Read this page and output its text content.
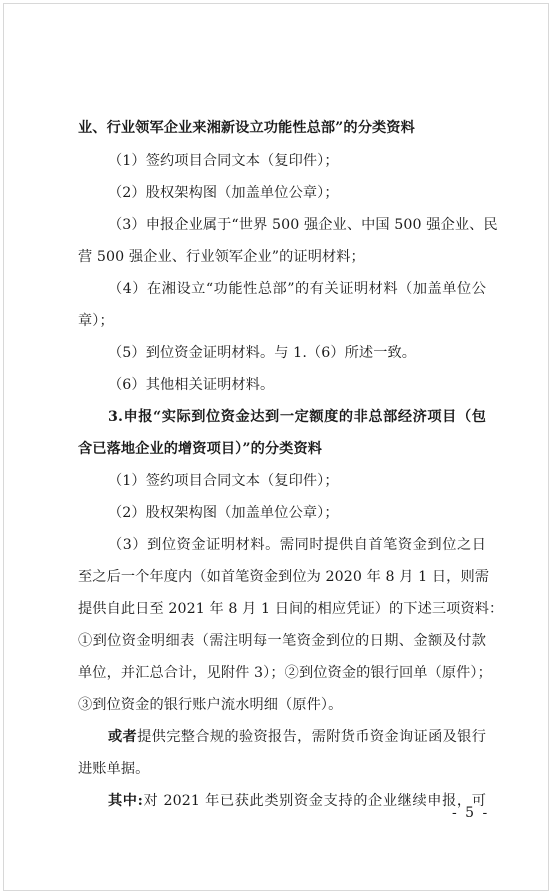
业、行业领军企业来湘新设立功能性总部”的分类资料
（1）签约项目合同文本（复印件）；
（2）股权架构图（加盖单位公章）；
（3）申报企业属于“世界 500 强企业、中国 500 强企业、民
营 500 强企业、行业领军企业”的证明材料；
（4）在湘设立“功能性总部”的有关证明材料（加盖单位公
章）；
（5）到位资金证明材料。与 1.（6）所述一致。
（6）其他相关证明材料。
3.申报“实际到位资金达到一定额度的非总部经济项目（包
含已落地企业的增资项目）”的分类资料
（1）签约项目合同文本（复印件）；
（2）股权架构图（加盖单位公章）；
（3）到位资金证明材料。需同时提供自首笔资金到位之日
至之后一个年度内（如首笔资金到位为 2020 年 8 月 1 日，则需
提供自此日至 2021 年 8 月 1 日间的相应凭证）的下述三项资料：
①到位资金明细表（需注明每一笔资金到位的日期、金额及付款
单位，并汇总合计，见附件 3）；②到位资金的银行回单（原件）；
③到位资金的银行账户流水明细（原件）。
或者提供完整合规的验资报告，需附货币资金询证函及银行
进账单据。
其中:对 2021 年已获此类别资金支持的企业继续申报，可
- 5 -
